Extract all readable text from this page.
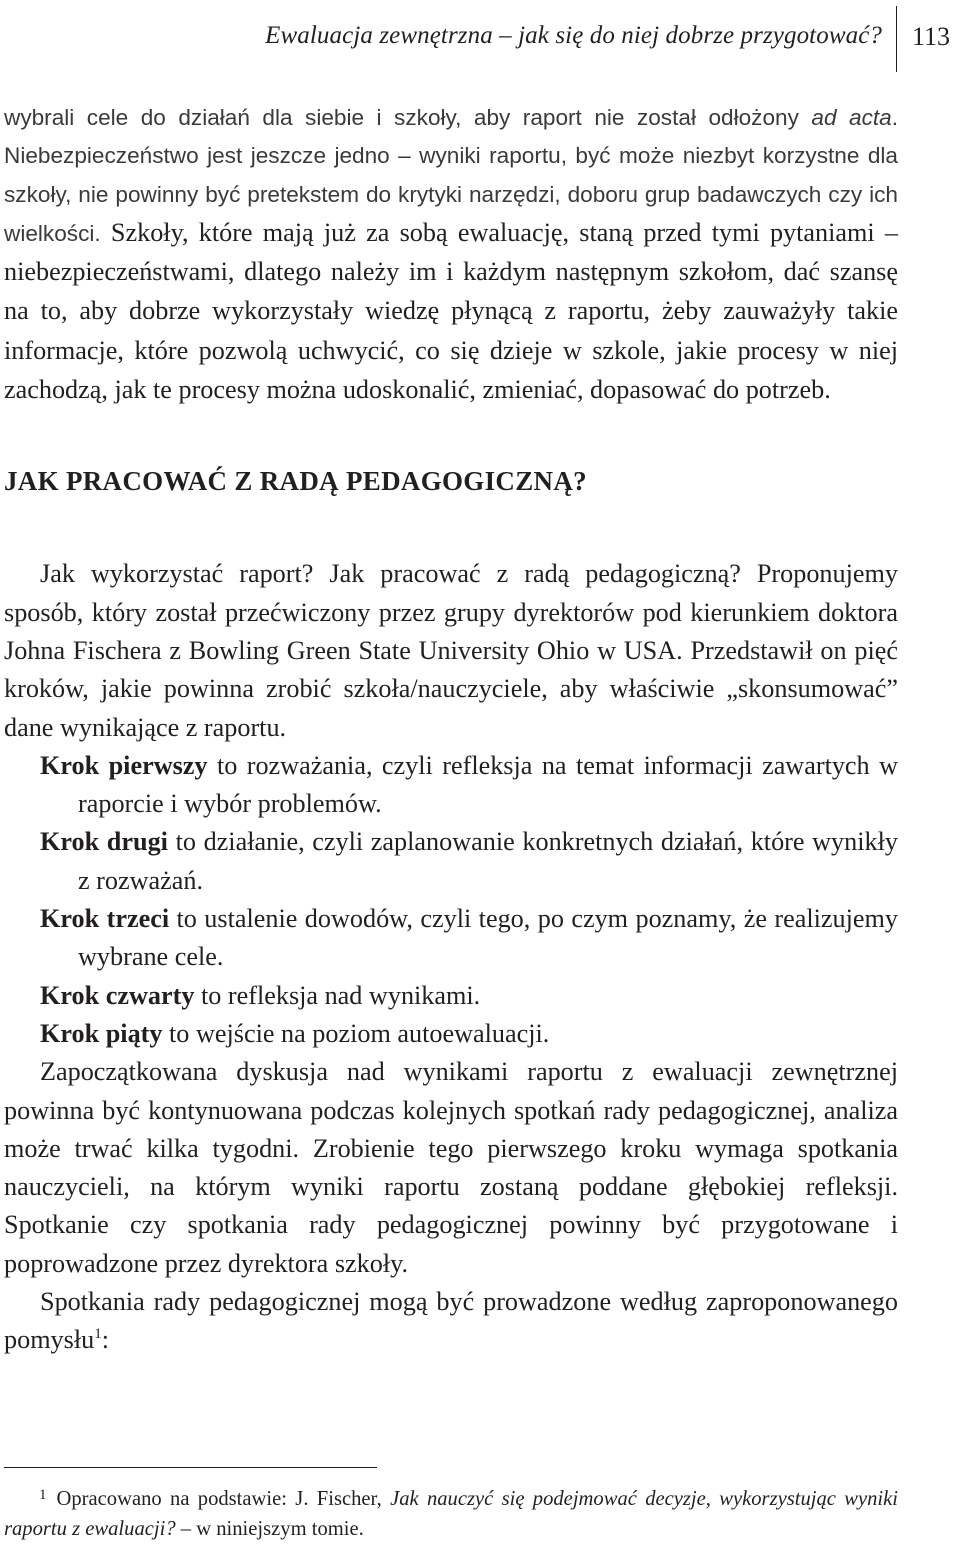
Ewaluacja zewnętrzna – jak się do niej dobrze przygotować? 113

wybrali cele do działań dla siebie i szkoły, aby raport nie został odłożony ad acta. Niebezpieczeństwo jest jeszcze jedno – wyniki raportu, być może niezbyt korzystne dla szkoły, nie powinny być pretekstem do krytyki narzędzi, doboru grup badawczych czy ich wielkości. Szkoły, które mają już za sobą ewaluację, staną przed tymi pytaniami – niebezpieczeństwami, dlatego należy im i każdym następnym szkołom, dać szansę na to, aby dobrze wykorzystały wiedzę płynącą z raportu, żeby zauważyły takie informacje, które pozwolą uchwycić, co się dzieje w szkole, jakie procesy w niej zachodzą, jak te procesy można udoskonalić, zmieniać, dopasować do potrzeb.

JAK PRACOWAĆ Z RADĄ PEDAGOGICZNĄ?

Jak wykorzystać raport? Jak pracować z radą pedagogiczną? Proponujemy sposób, który został przećwiczony przez grupy dyrektorów pod kierunkiem doktora Johna Fischera z Bowling Green State University Ohio w USA. Przedstawił on pięć kroków, jakie powinna zrobić szkoła/nauczyciele, aby właściwie „skonsumować” dane wynikające z raportu.

Krok pierwszy to rozważania, czyli refleksja na temat informacji zawartych w raporcie i wybór problemów.

Krok drugi to działanie, czyli zaplanowanie konkretnych działań, które wynikły z rozważań.

Krok trzeci to ustalenie dowodów, czyli tego, po czym poznamy, że realizujemy wybrane cele.

Krok czwarty to refleksja nad wynikami.

Krok piąty to wejście na poziom autoewaluacji.

Zapoczątkowana dyskusja nad wynikami raportu z ewaluacji zewnętrznej powinna być kontynuowana podczas kolejnych spotkań rady pedagogicznej, analiza może trwać kilka tygodni. Zrobienie tego pierwszego kroku wymaga spotkania nauczycieli, na którym wyniki raportu zostaną poddane głębokiej refleksji. Spotkanie czy spotkania rady pedagogicznej powinny być przygotowane i poprowadzone przez dyrektora szkoły.

Spotkania rady pedagogicznej mogą być prowadzone według zaproponowanego pomysłu$^1$:

$^1$ Opracowano na podstawie: J. Fischer, Jak nauczyć się podejmować decyzje, wykorzystując wyniki raportu z ewaluacji? – w niniejszym tomie.
